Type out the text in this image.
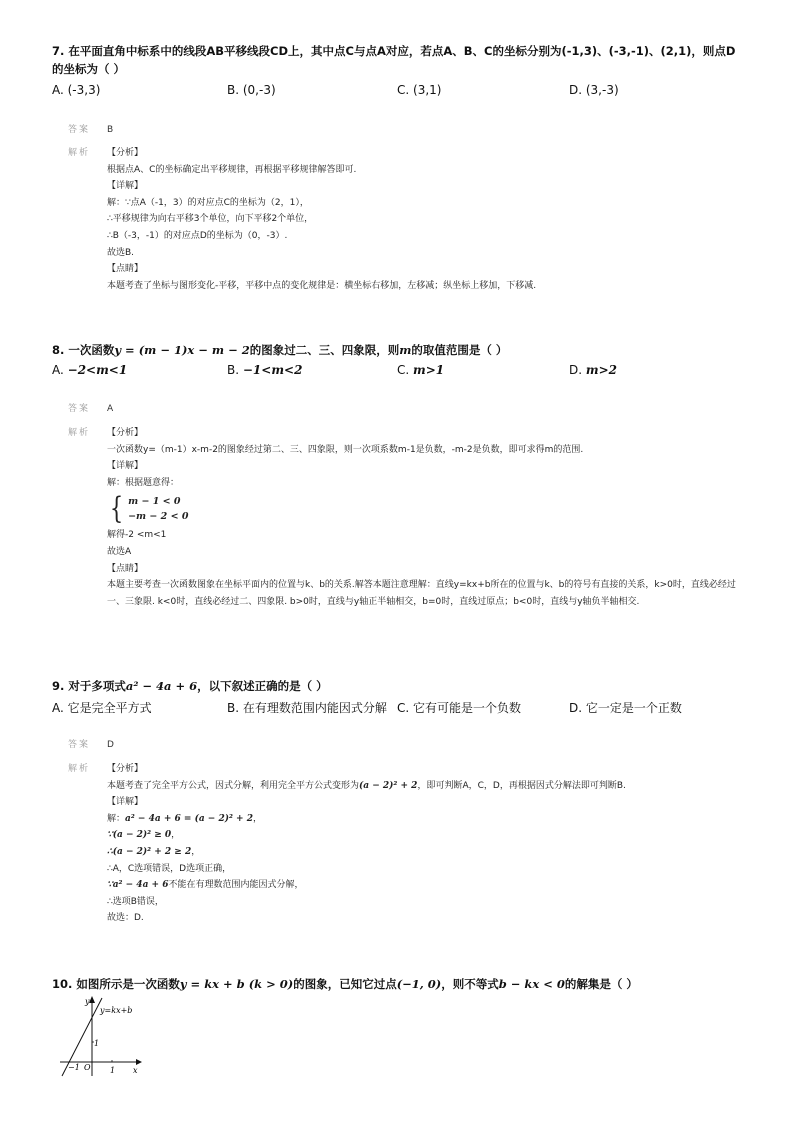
7. 在平面直角中标系中的线段AB平移线段CD上，其中点C与点A对应，若点A、B、C的坐标分别为(-1,3)、(-3,-1)、(2,1)，则点D
的坐标为（ ）
A. (-3,3)	B. (0,-3)	C. (3,1)	D. (3,-3)
答案 B
解析 【分析】
根据点A、C的坐标确定出平移规律，再根据平移规律解答即可.
【详解】
解：∵点A（-1，3）的对应点C的坐标为（2，1），
∴平移规律为向右平移3个单位，向下平移2个单位，
∴B（-3，-1）的对应点D的坐标为（0，-3）.
故选B.
【点睛】
本题考查了坐标与图形变化-平移，平移中点的变化规律是：横坐标右移加，左移减；纵坐标上移加，下移减.
8. 一次函数y = (m − 1)x − m − 2的图象过二、三、四象限，则m的取值范围是（ ）
A. −2<m<1	B. −1<m<2	C. m>1	D. m>2
答案 A
解析 【分析】
一次函数y=（m-1）x-m-2的图象经过第二、三、四象限，则一次项系数m-1是负数，-m-2是负数，即可求得m的范围.
【详解】
解：根据题意得：
{ m − 1 < 0
−m − 2 < 0
解得-2 <m<1
故选A
【点睛】
本题主要考查一次函数图象在坐标平面内的位置与k、b的关系.解答本题注意理解：直线y=kx+b所在的位置与k、b的符号有直接的关系，k>0时，直线必经过一、三象限. k<0时，直线必经过二、四象限. b>0时，直线与y轴正半轴相交，b=0时，直线过原点；b<0时，直线与y轴负半轴相交.
9. 对于多项式a² − 4a + 6，以下叙述正确的是（ ）
A. 它是完全平方式	B. 在有理数范围内能因式分解 C. 它有可能是一个负数	D. 它一定是一个正数
答案 D
解析 【分析】
本题考查了完全平方公式，因式分解，利用完全平方公式变形为(a − 2)² + 2，即可判断A，C，D，再根据因式分解法即可判断B.
【详解】
解：a² − 4a + 6 = (a − 2)² + 2，
∵(a − 2)² ≥ 0，
∴(a − 2)² + 2 ≥ 2，
∴A，C选项错误，D选项正确，
∵a² − 4a + 6不能在有理数范围内能因式分解，
∴选项B错误，
故选：D.
10. 如图所示是一次函数y = kx + b (k > 0)的图象，已知它过点(−1, 0)，则不等式b − kx < 0的解集是（ ）
y
x
y=kx+b
1
1
−1 O
